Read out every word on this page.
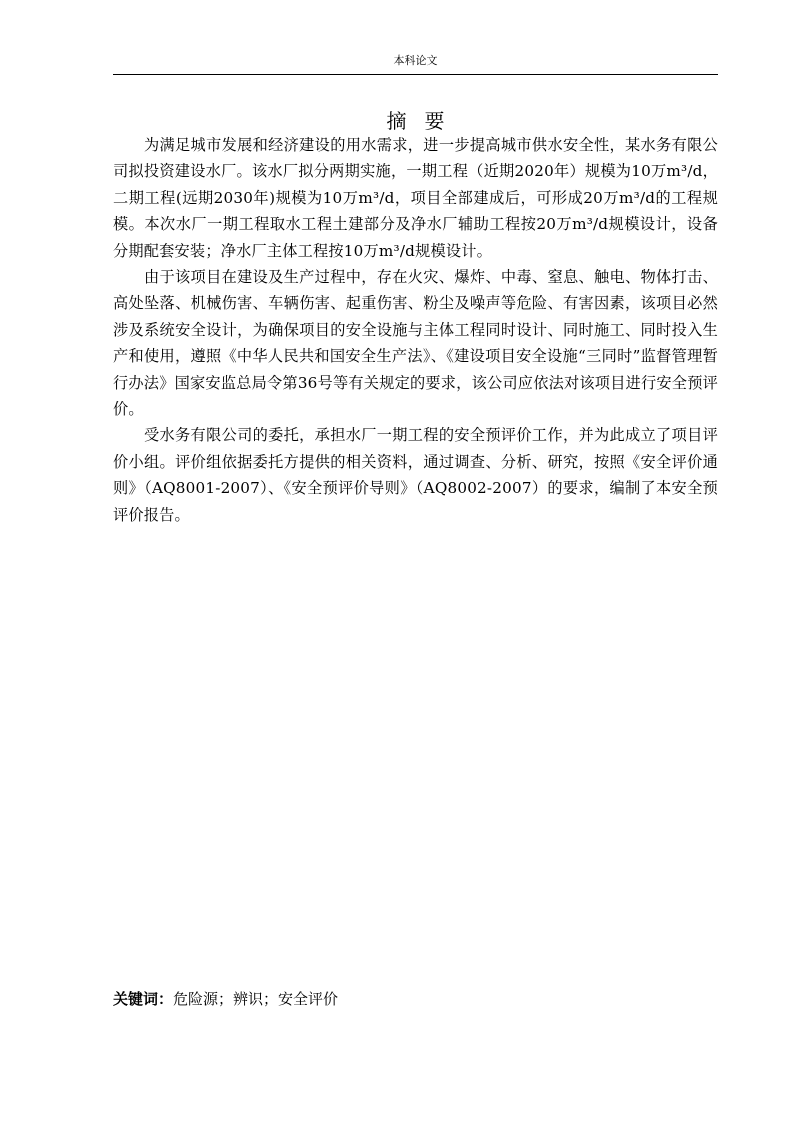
本科论文
摘要

为满足城市发展和经济建设的用水需求，进一步提高城市供水安全性，某水务有限公司拟投资建设水厂。该水厂拟分两期实施，一期工程（近期2020年）规模为10万m³/d，二期工程(远期2030年)规模为10万m³/d，项目全部建成后，可形成20万m³/d的工程规模。本次水厂一期工程取水工程土建部分及净水厂辅助工程按20万m³/d规模设计，设备分期配套安装；净水厂主体工程按10万m³/d规模设计。

由于该项目在建设及生产过程中，存在火灾、爆炸、中毒、窒息、触电、物体打击、高处坠落、机械伤害、车辆伤害、起重伤害、粉尘及噪声等危险、有害因素，该项目必然涉及系统安全设计，为确保项目的安全设施与主体工程同时设计、同时施工、同时投入生产和使用，遵照《中华人民共和国安全生产法》、《建设项目安全设施“三同时”监督管理暂行办法》国家安监总局令第36号等有关规定的要求，该公司应依法对该项目进行安全预评价。

受水务有限公司的委托，承担水厂一期工程的安全预评价工作，并为此成立了项目评价小组。评价组依据委托方提供的相关资料，通过调查、分析、研究，按照《安全评价通则》（AQ8001-2007）、《安全预评价导则》（AQ8002-2007）的要求，编制了本安全预评价报告。

关键词：危险源；辨识；安全评价
